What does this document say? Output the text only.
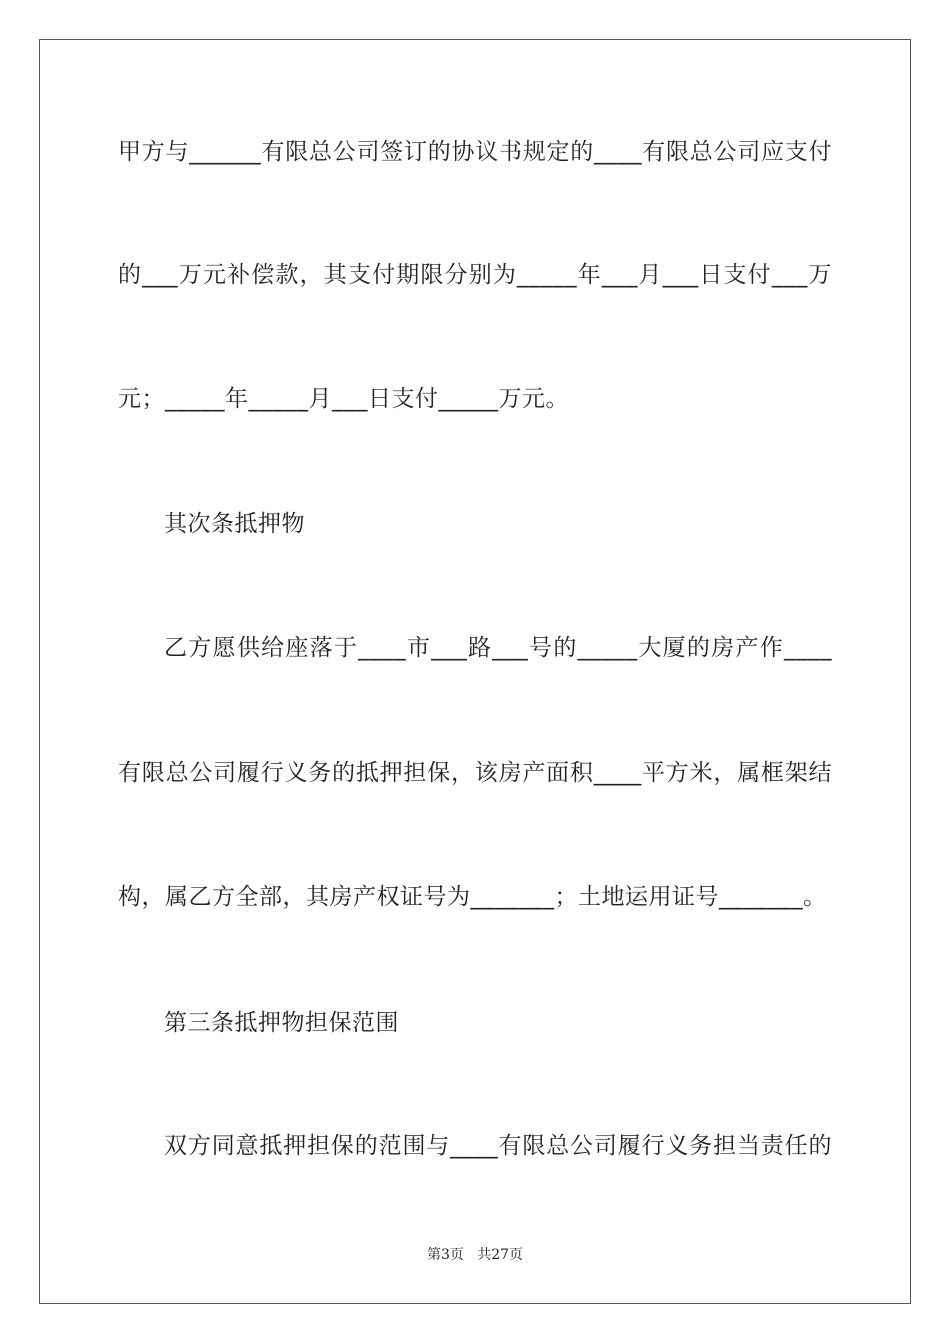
甲方与______有限总公司签订的协议书规定的____有限总公司应支付
的___万元补偿款，其支付期限分别为_____年___月___日支付___万
元；_____年_____月___日支付_____万元。
其次条抵押物
乙方愿供给座落于____市___路___号的_____大厦的房产作____
有限总公司履行义务的抵押担保，该房产面积____平方米，属框架结
构，属乙方全部，其房产权证号为_______；土地运用证号_______。
第三条抵押物担保范围
双方同意抵押担保的范围与____有限总公司履行义务担当责任的
第3页   共27页
